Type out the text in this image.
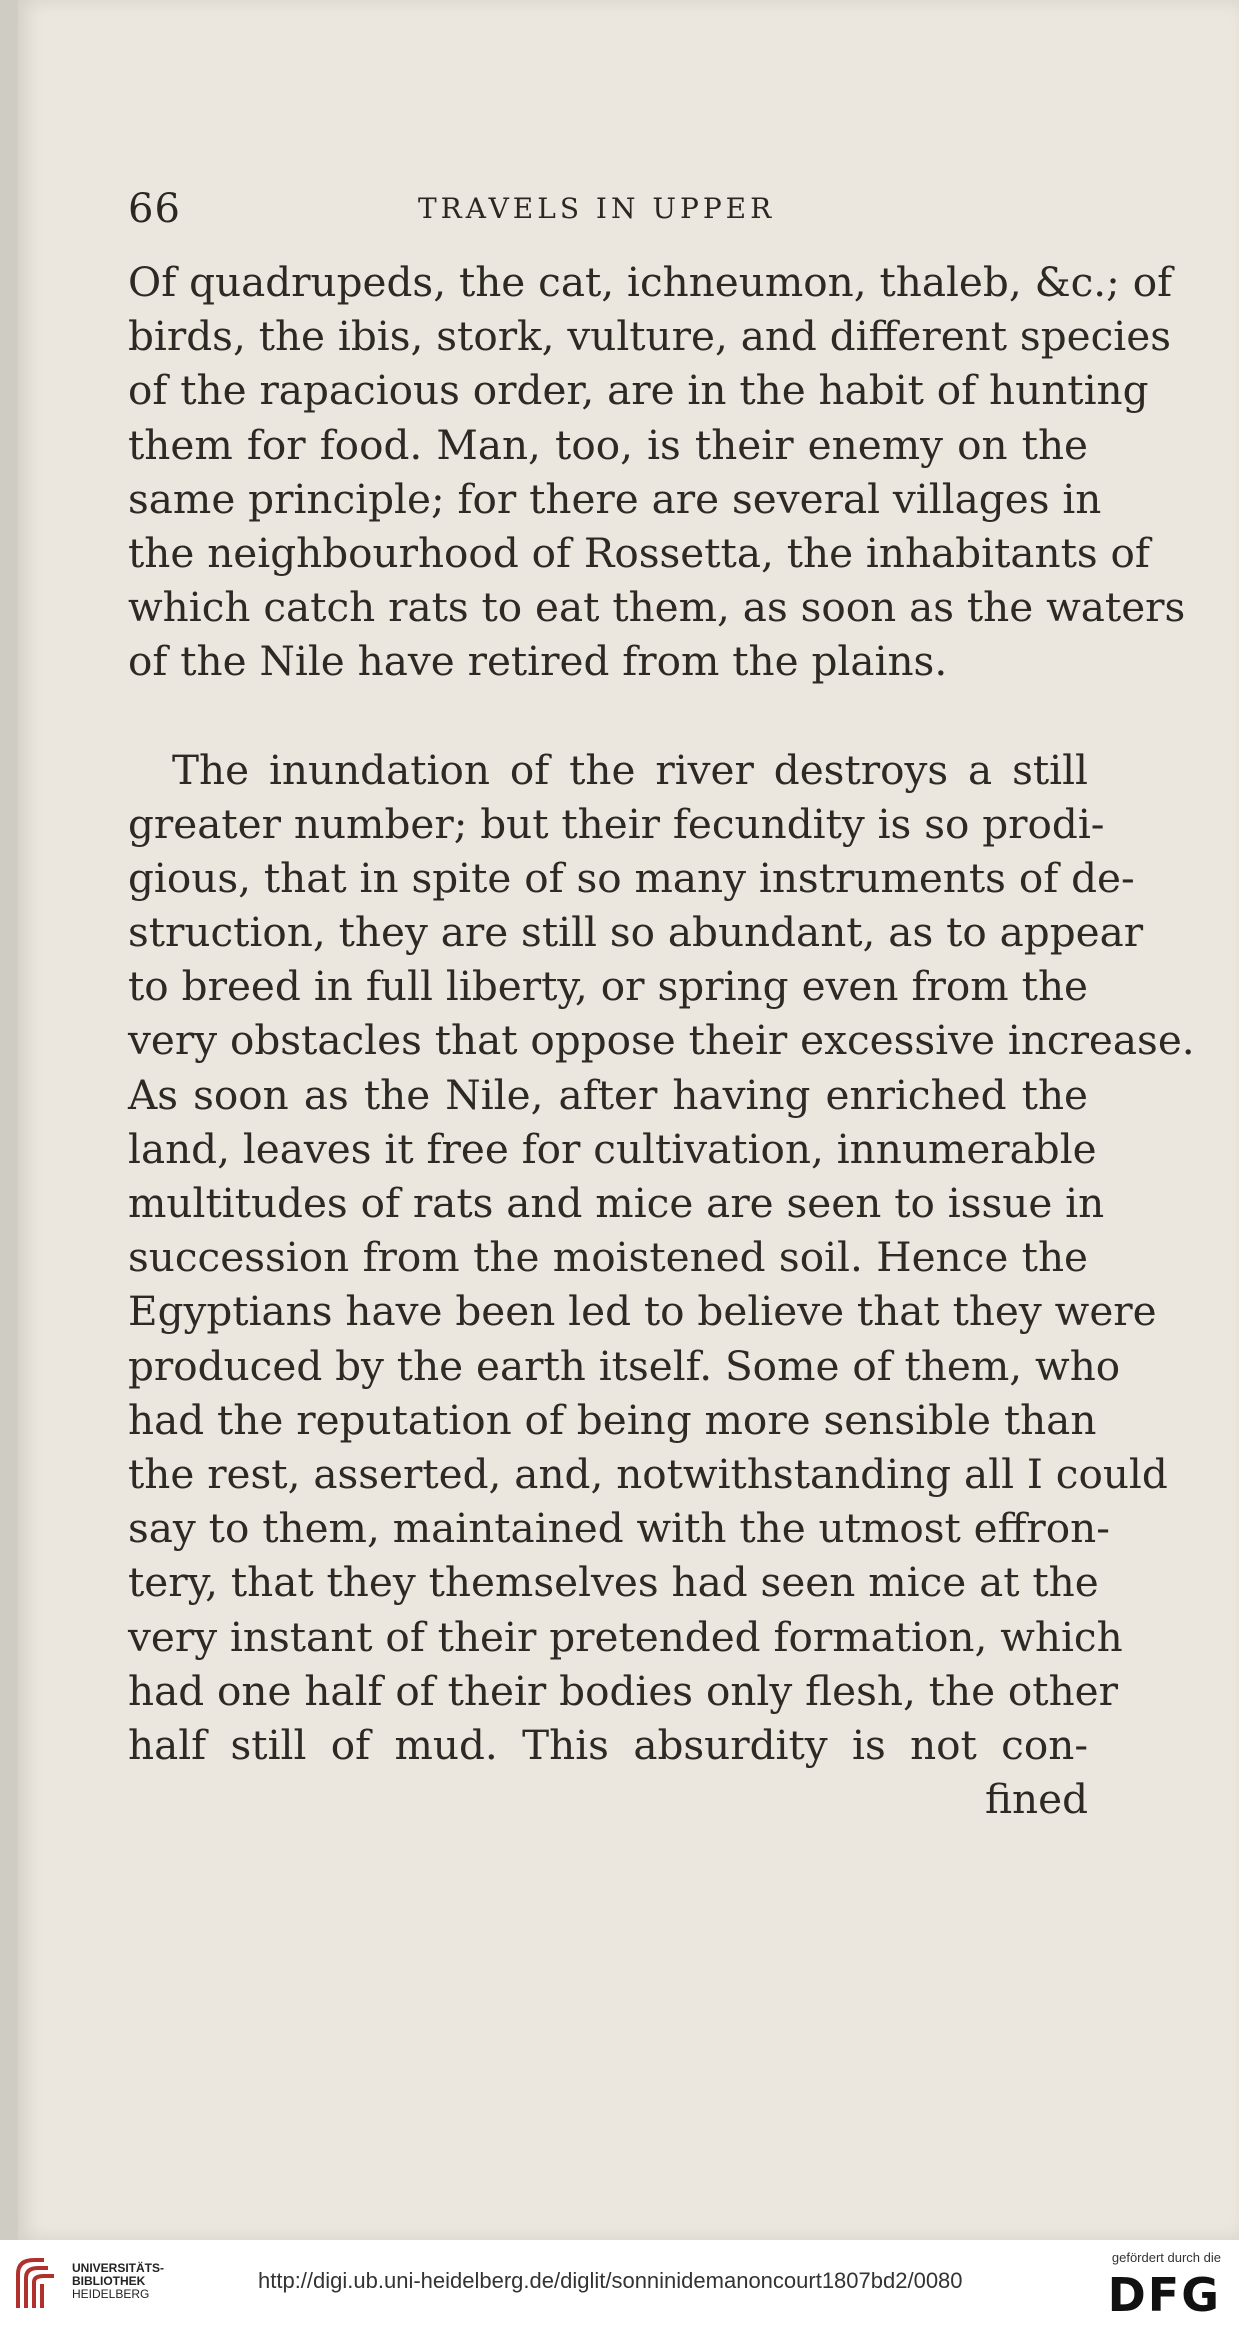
66	TRAVELS IN UPPER
Of quadrupeds, the cat, ichneumon, thaleb, &c.; of
birds, the ibis, stork, vulture, and different species
of the rapacious order, are in the habit of hunting
them for food. Man, too, is their enemy on the
same principle; for there are several villages in
the neighbourhood of Rossetta, the inhabitants of
which catch rats to eat them, as soon as the waters
of the Nile have retired from the plains.
The inundation of the river destroys a still
greater number; but their fecundity is so prodi-
gious, that in spite of so many instruments of de-
struction, they are still so abundant, as to appear
to breed in full liberty, or spring even from the
very obstacles that oppose their excessive increase.
As soon as the Nile, after having enriched the
land, leaves it free for cultivation, innumerable
multitudes of rats and mice are seen to issue in
succession from the moistened soil. Hence the
Egyptians have been led to believe that they were
produced by the earth itself. Some of them, who
had the reputation of being more sensible than
the rest, asserted, and, notwithstanding all I could
say to them, maintained with the utmost effron-
tery, that they themselves had seen mice at the
very instant of their pretended formation, which
had one half of their bodies only flesh, the other
half still of mud. This absurdity is not con-
fined
UNIVERSITÄTS-
BIBLIOTHEK
HEIDELBERG
http://digi.ub.uni-heidelberg.de/diglit/sonninidemanoncourt1807bd2/0080
gefördert durch die
DFG
